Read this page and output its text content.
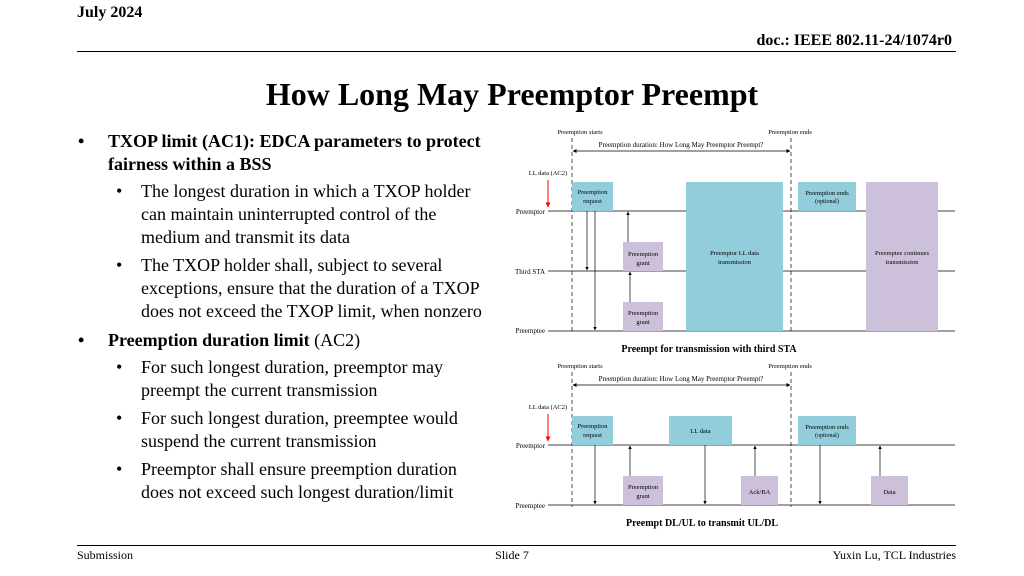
July 2024
doc.: IEEE 802.11-24/1074r0
How Long May Preemptor Preempt
• TXOP limit (AC1): EDCA parameters to protect fairness within a BSS
• The longest duration in which a TXOP holder can maintain uninterrupted control of the medium and transmit its data
• The TXOP holder shall, subject to several exceptions, ensure that the duration of a TXOP does not exceed the TXOP limit, when nonzero
• Preemption duration limit (AC2)
• For such longest duration, preemptor may preempt the current transmission
• For such longest duration, preemptee would suspend the current transmission
• Preemptor shall ensure preemption duration does not exceed such longest duration/limit
Preemption starts	Preemption ends
Preemption duration: How Long May Preemptor Preempt?
LL data (AC2)
Preemptor
Third STA
Preemptee
Preemption
request
Preemption
grant
Preemption
grant
Preemptor LL data
transmission
Preemption ends
(optional)
Preemptee continues
transmission
Preempt for transmission with third STA
Preemption starts	Preemption ends
Preemption duration: How Long May Preemptor Preempt?
LL data (AC2)
Preemptor
Preemptee
Preemption
request
LL data
Preemption ends
(optional)
Preemption
grant
Ack/BA	Data
Preempt DL/UL to transmit UL/DL
Submission	Slide 7	Yuxin Lu, TCL Industries
